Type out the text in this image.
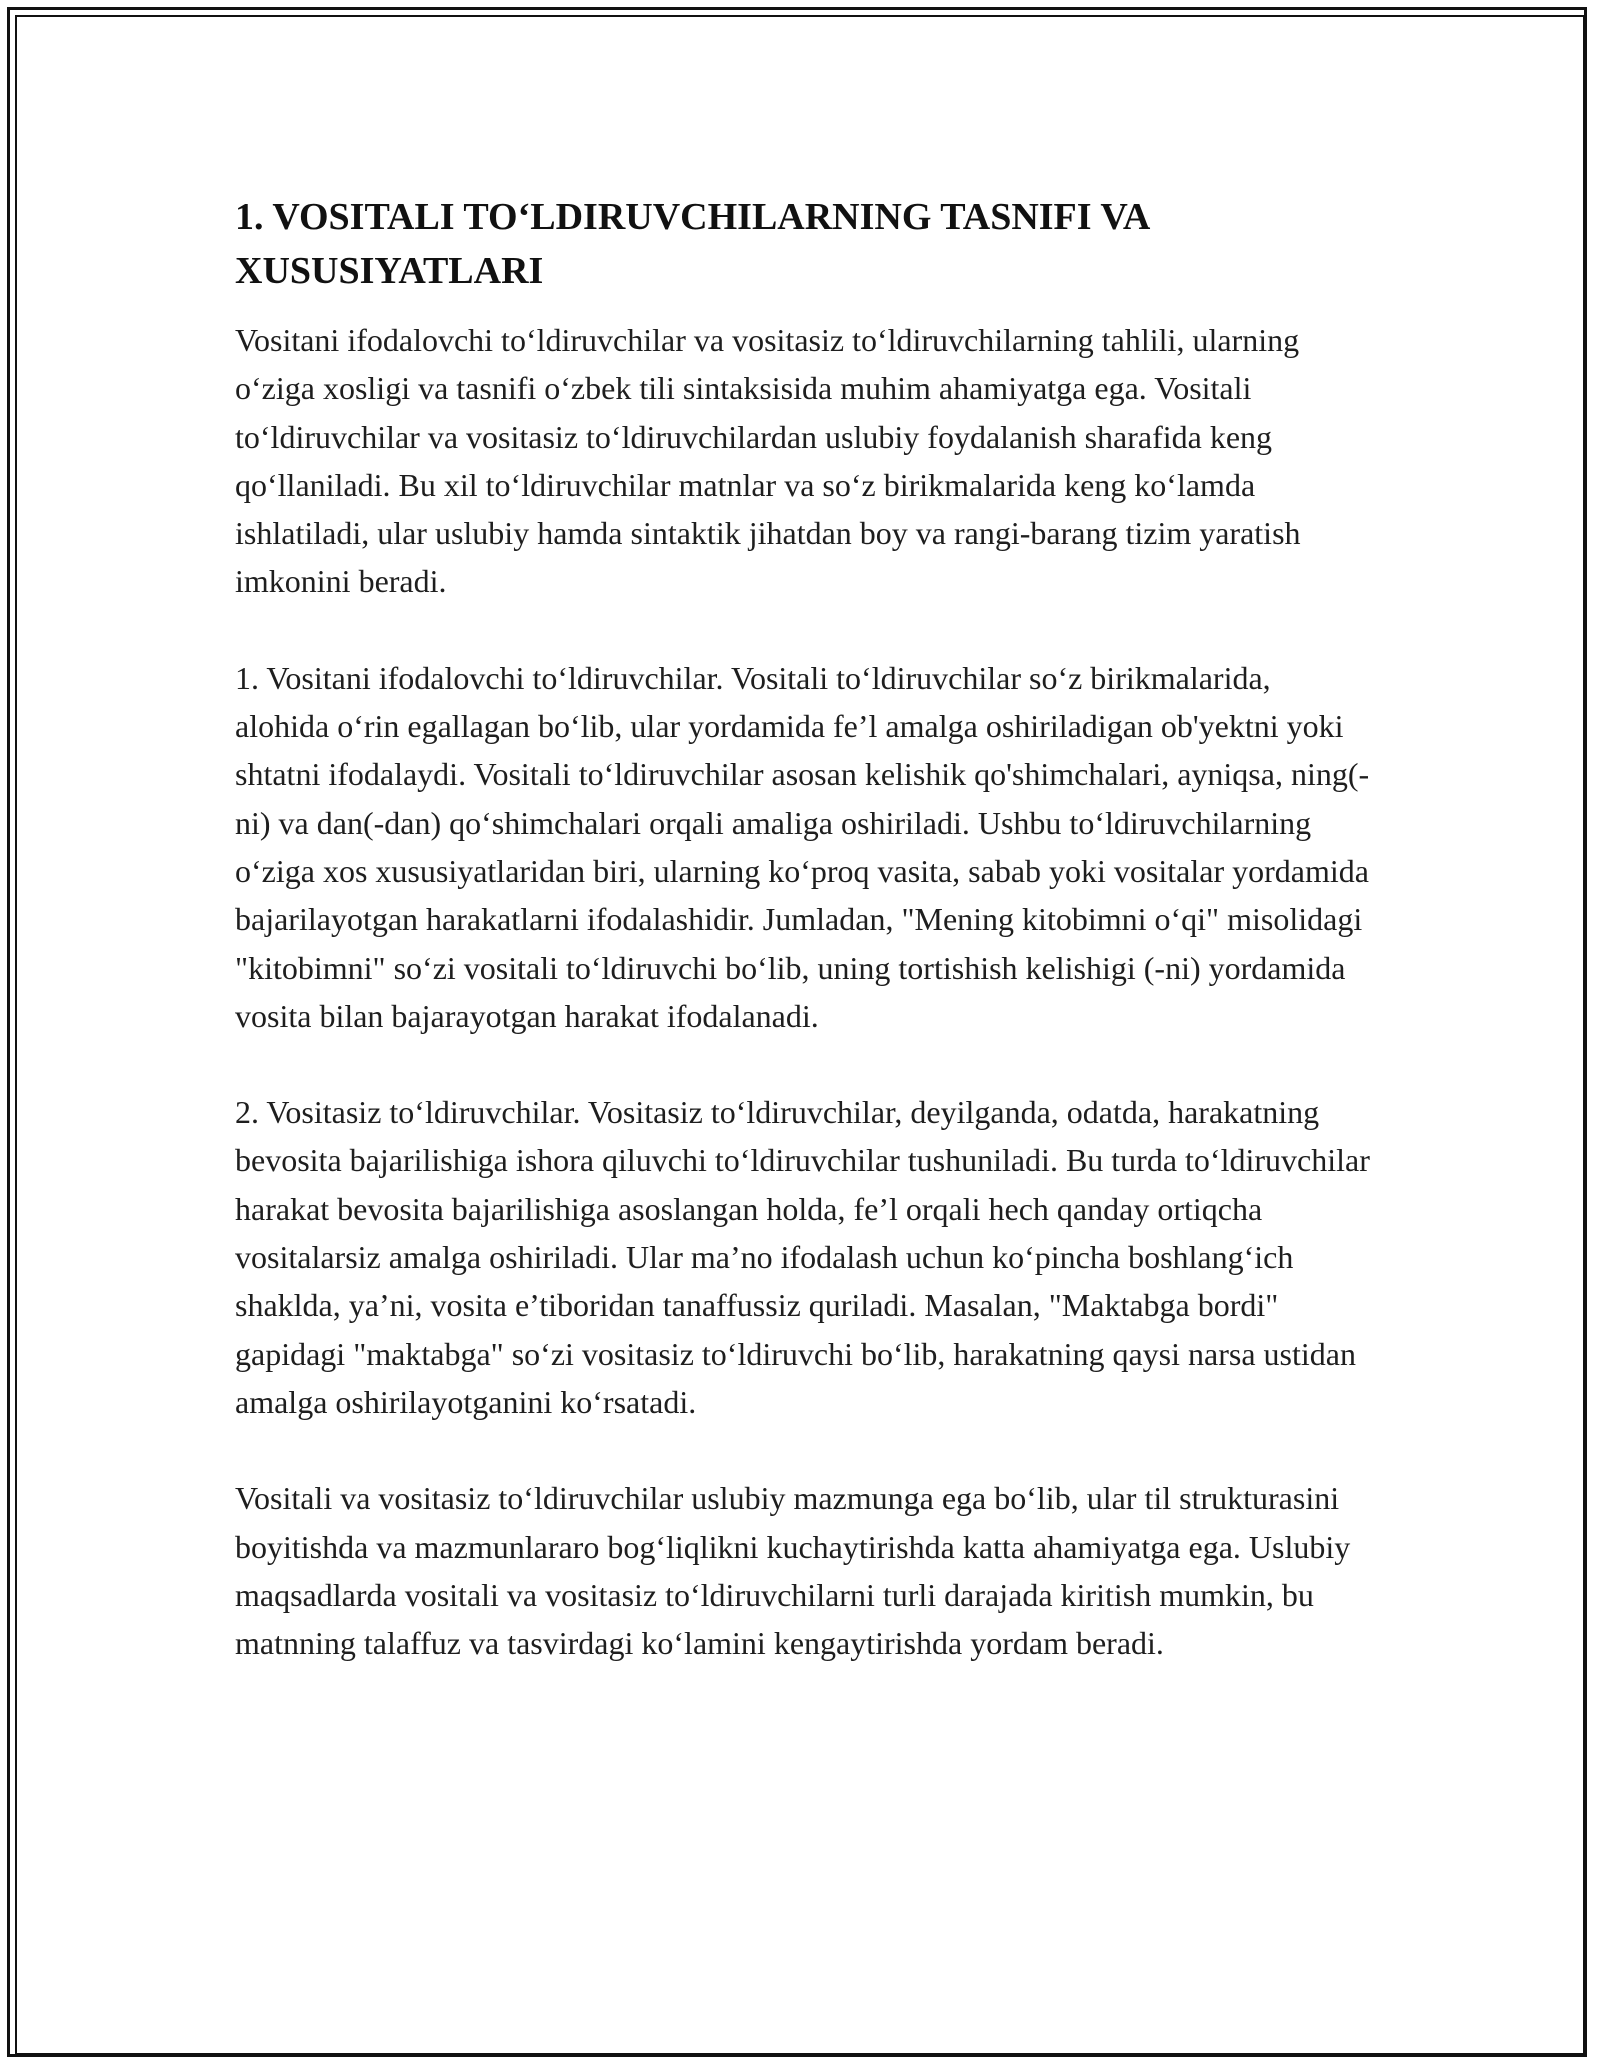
1. VOSITALI TO‘LDIRUVCHILARNING TASNIFI VA XUSUSIYATLARI

Vositani ifodalovchi to‘ldiruvchilar va vositasiz to‘ldiruvchilarning tahlili, ularning o‘ziga xosligi va tasnifi o‘zbek tili sintaksisida muhim ahamiyatga ega. Vositali to‘ldiruvchilar va vositasiz to‘ldiruvchilardan uslubiy foydalanish sharafida keng qo‘llaniladi. Bu xil to‘ldiruvchilar matnlar va so‘z birikmalarida keng ko‘lamda ishlatiladi, ular uslubiy hamda sintaktik jihatdan boy va rangi-barang tizim yaratish imkonini beradi.

1. Vositani ifodalovchi to‘ldiruvchilar. Vositali to‘ldiruvchilar so‘z birikmalarida, alohida o‘rin egallagan bo‘lib, ular yordamida fe’l amalga oshiriladigan ob'yektni yoki shtatni ifodalaydi. Vositali to‘ldiruvchilar asosan kelishik qo'shimchalari, ayniqsa, ning(-ni) va dan(-dan) qo‘shimchalari orqali amaliga oshiriladi. Ushbu to‘ldiruvchilarning o‘ziga xos xususiyatlaridan biri, ularning ko‘proq vasita, sabab yoki vositalar yordamida bajarilayotgan harakatlarni ifodalashidir. Jumladan, "Mening kitobimni o‘qi" misolidagi "kitobimni" so‘zi vositali to‘ldiruvchi bo‘lib, uning tortishish kelishigi (-ni) yordamida vosita bilan bajarayotgan harakat ifodalanadi.

2. Vositasiz to‘ldiruvchilar. Vositasiz to‘ldiruvchilar, deyilganda, odatda, harakatning bevosita bajarilishiga ishora qiluvchi to‘ldiruvchilar tushuniladi. Bu turda to‘ldiruvchilar harakat bevosita bajarilishiga asoslangan holda, fe’l orqali hech qanday ortiqcha vositalarsiz amalga oshiriladi. Ular ma’no ifodalash uchun ko‘pincha boshlang‘ich shaklda, ya’ni, vosita e’tiboridan tanaffussiz quriladi. Masalan, "Maktabga bordi" gapidagi "maktabga" so‘zi vositasiz to‘ldiruvchi bo‘lib, harakatning qaysi narsa ustidan amalga oshirilayotganini ko‘rsatadi.

Vositali va vositasiz to‘ldiruvchilar uslubiy mazmunga ega bo‘lib, ular til strukturasini boyitishda va mazmunlararo bog‘liqlikni kuchaytirishda katta ahamiyatga ega. Uslubiy maqsadlarda vositali va vositasiz to‘ldiruvchilarni turli darajada kiritish mumkin, bu matnning talaffuz va tasvirdagi ko‘lamini kengaytirishda yordam beradi.
